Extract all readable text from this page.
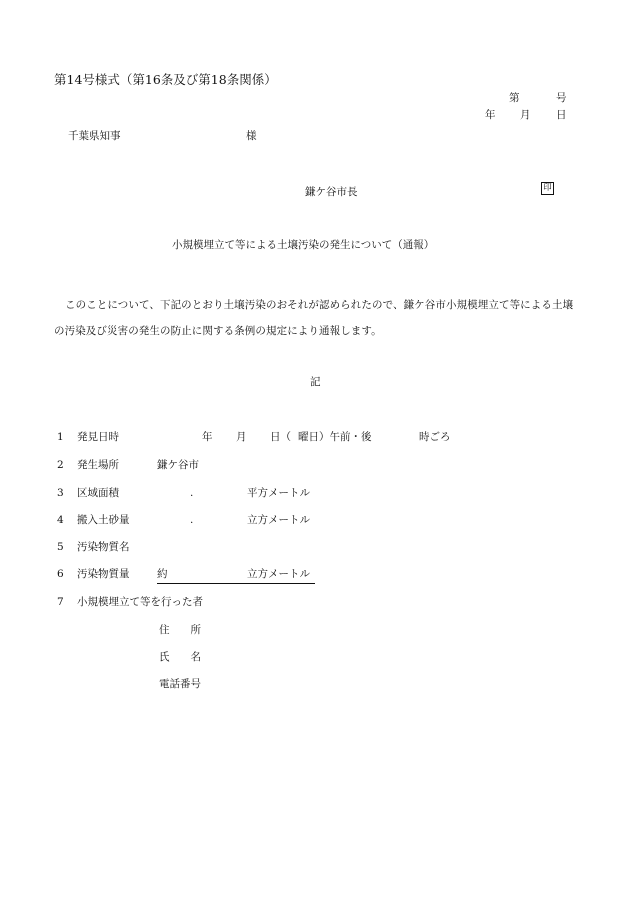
第14号様式（第16条及び第18条関係）
第	号
年 月 日
千葉県知事	様
鎌ケ谷市長	印
小規模埋立て等による土壌汚染の発生について（通報）
このことについて、下記のとおり土壌汚染のおそれが認められたので、鎌ケ谷市小規模埋立て等による土壌の汚染及び災害の発生の防止に関する条例の規定により通報します。
記
1 発見日時	年 月 日（ 曜日）午前・後	時ごろ
2 発生場所	鎌ケ谷市
3 区域面積	.	平方メートル
4 搬入土砂量	.	立方メートル
5 汚染物質名
6 汚染物質量	約	立方メートル
7 小規模埋立て等を行った者
住　　所
氏　　名
電話番号
